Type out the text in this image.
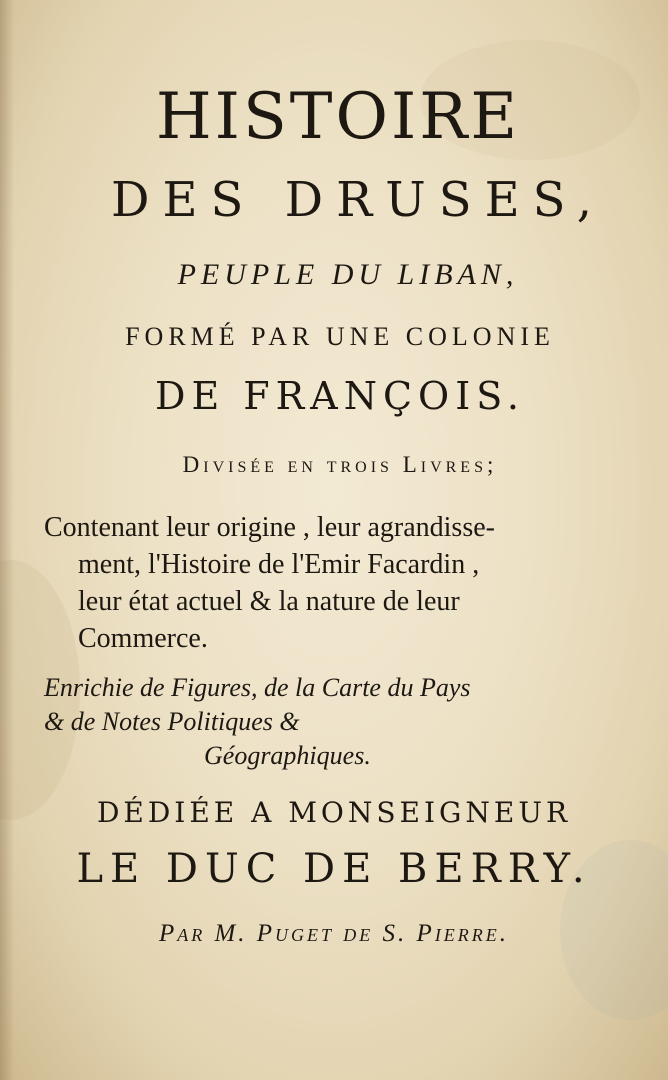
HISTOIRE
DES DRUSES,
PEUPLE DU LIBAN,
FORMÉ PAR UNE COLONIE
DE FRANÇOIS.
Divisée en trois Livres;
Contenant leur origine , leur agrandisse-
ment, l'Histoire de l'Emir Facardin ,
leur état actuel & la nature de leur
Commerce.
Enrichie de Figures, de la Carte du Pays
& de Notes Politiques &
Géographiques.
DÉDIÉE A MONSEIGNEUR
LE DUC DE BERRY.
Par M. Puget de S. Pierre.
